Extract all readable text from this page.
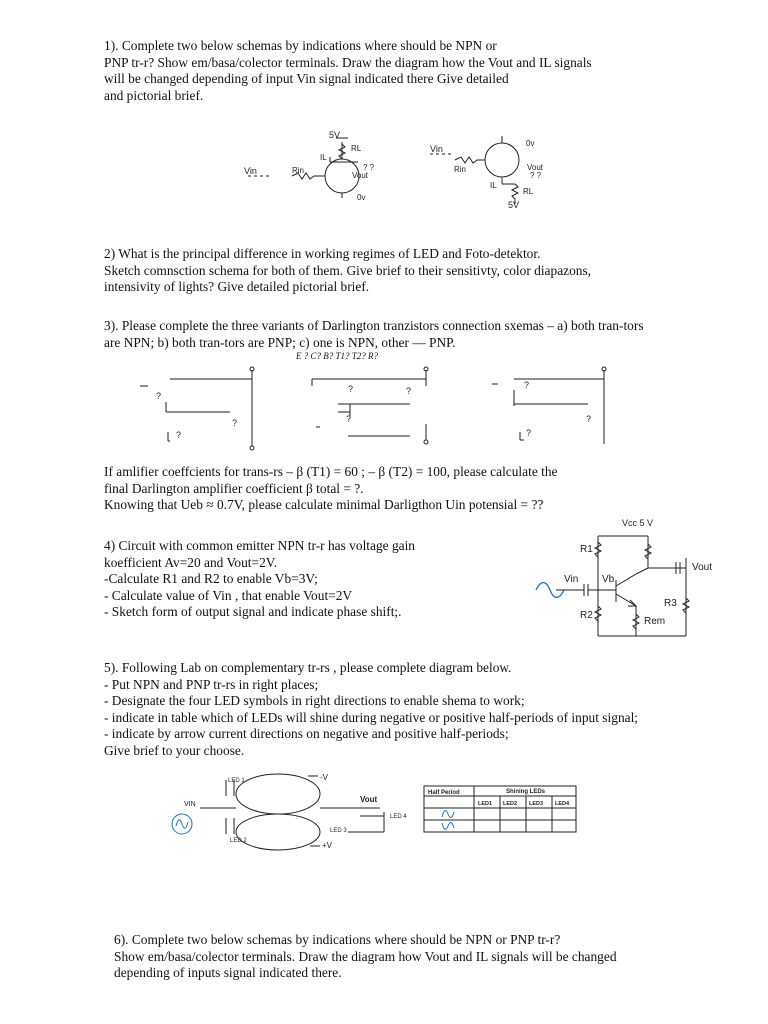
1). Complete two below schemas by indications where should be NPN or
PNP tr-r? Show em/basa/colector terminals. Draw the diagram how the Vout and IL signals
will be changed depending of input Vin signal indicated there Give detailed
and pictorial brief.
5V
RL
IL
Vin	Rin
Vout
? ?
0v
Vin
Rin
0v
Vout
? ?
IL
RL
5V
2) What is the principal difference in working regimes of LED and Foto-detektor.
Sketch comnsction schema for both of them. Give brief to their sensitivty, color diapazons,
intensivity of lights? Give detailed pictorial brief.
3). Please complete the three variants of Darlington tranzistors connection sxemas – a) both tran-tors
are NPN; b) both tran-tors are PNP; c) one is NPN, other — PNP.
E ? C? B? T1? T2? R?
?
?
?
?	?
?
?
?
?
If amlifier coeffcients for trans-rs – β (T1) = 60 ; – β (T2) = 100, please calculate the
final Darlington amplifier coefficient β total = ?.
Knowing that Ueb ≈ 0.7V, please calculate minimal Darligthon Uin potensial = ??
4) Circuit with common emitter NPN tr-r has voltage gain
koefficient Av=20 and Vout=2V.
-Calculate R1 and R2 to enable Vb=3V;
- Calculate value of Vin , that enable Vout=2V
- Sketch form of output signal and indicate phase shift;.
Vcc 5 V
R1
R2
R3
Rem
Vin Vb
Vout
5). Following Lab on complementary tr-rs , please complete diagram below.
- Put NPN and PNP tr-rs in right places;
- Designate the four LED symbols in right directions to enable shema to work;
- indicate in table which of LEDs will shine during negative or positive half-periods of input signal;
- indicate by arrow current directions on negative and positive half-periods;
Give brief to your choose.
LED 1
LED 2
LED 3
LED 4
-V
+V
VIN
Vout
Half Period	Shining LEDs
LED1 LED2 LED3 LED4
6). Complete two below schemas by indications where should be NPN or PNP tr-r?
Show em/basa/colector terminals. Draw the diagram how Vout and IL signals will be changed
depending of inputs signal indicated there.
